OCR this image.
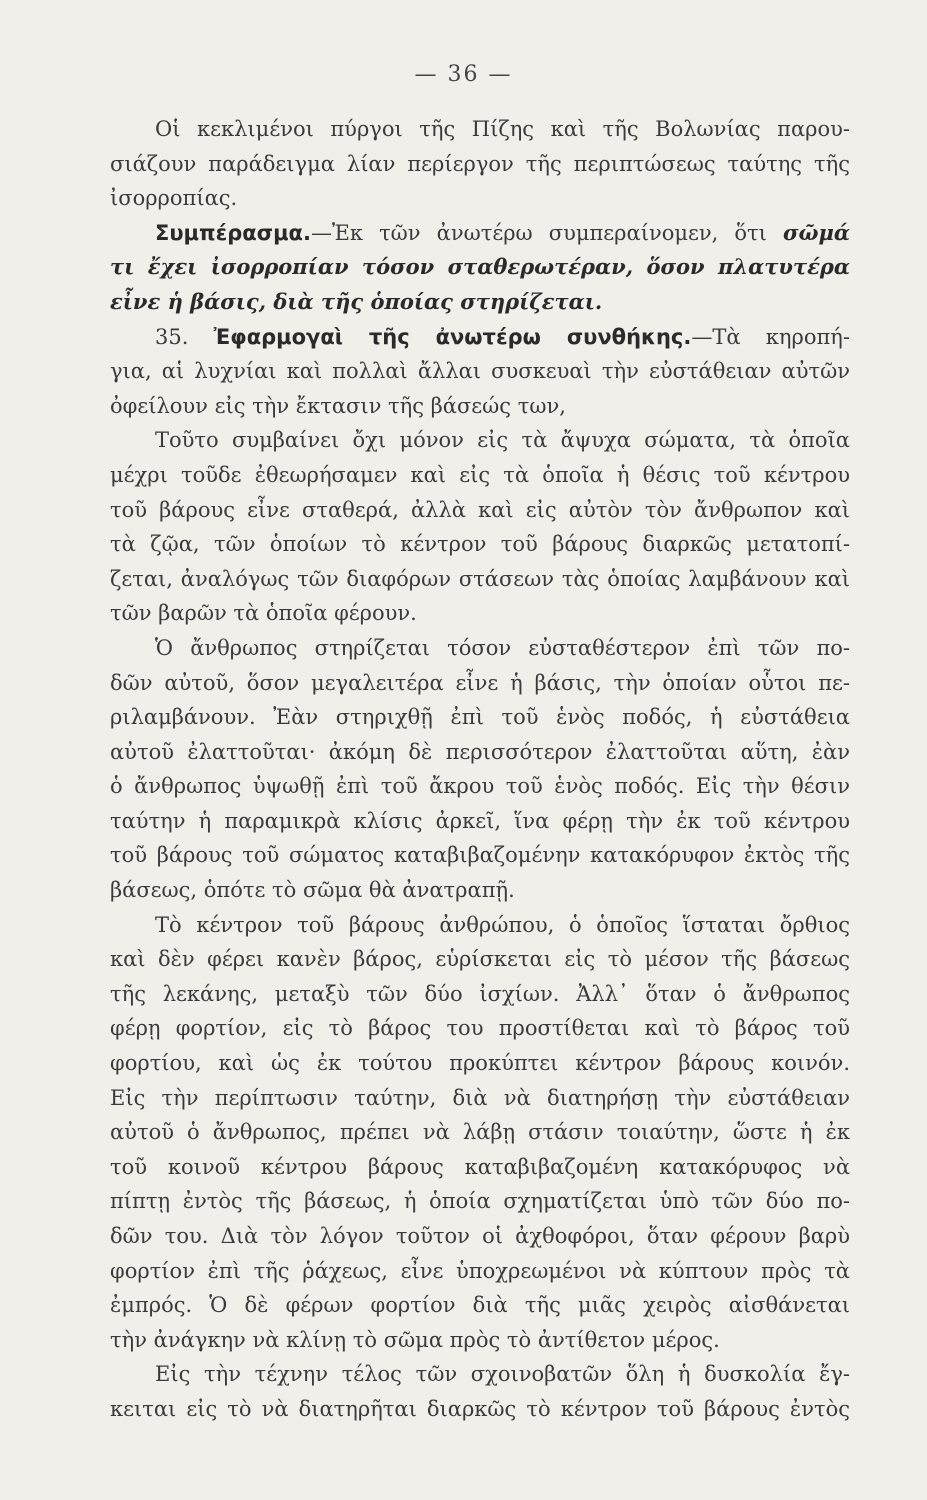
— 36 —
Οἱ κεκλιμένοι πύργοι τῆς Πίζης καὶ τῆς Βολωνίας παρου-
σιάζουν παράδειγμα λίαν περίεργον τῆς περιπτώσεως ταύτης τῆς
ἰσορροπίας.
Συμπέρασμα.—Ἐκ τῶν ἀνωτέρω συμπεραίνομεν, ὅτι σῶμά
τι ἔχει ἰσορροπίαν τόσον σταθερωτέραν, ὅσον πλατυτέρα
εἶνε ἡ βάσις, διὰ τῆς ὁποίας στηρίζεται.
35. Ἐφαρμογαὶ τῆς ἀνωτέρω συνθήκης.—Τὰ κηροπή-
για, αἱ λυχνίαι καὶ πολλαὶ ἄλλαι συσκευαὶ τὴν εὐστάθειαν αὐτῶν
ὀφείλουν εἰς τὴν ἔκτασιν τῆς βάσεώς των,
Τοῦτο συμβαίνει ὄχι μόνον εἰς τὰ ἄψυχα σώματα, τὰ ὁποῖα
μέχρι τοῦδε ἐθεωρήσαμεν καὶ εἰς τὰ ὁποῖα ἡ θέσις τοῦ κέντρου
τοῦ βάρους εἶνε σταθερά, ἀλλὰ καὶ εἰς αὐτὸν τὸν ἄνθρωπον καὶ
τὰ ζῷα, τῶν ὁποίων τὸ κέντρον τοῦ βάρους διαρκῶς μετατοπί-
ζεται, ἀναλόγως τῶν διαφόρων στάσεων τὰς ὁποίας λαμβάνουν καὶ
τῶν βαρῶν τὰ ὁποῖα φέρουν.
Ὁ ἄνθρωπος στηρίζεται τόσον εὐσταθέστερον ἐπὶ τῶν πο-
δῶν αὐτοῦ, ὅσον μεγαλειτέρα εἶνε ἡ βάσις, τὴν ὁποίαν οὗτοι πε-
ριλαμβάνουν. Ἐὰν στηριχθῇ ἐπὶ τοῦ ἑνὸς ποδός, ἡ εὐστάθεια
αὐτοῦ ἐλαττοῦται· ἀκόμη δὲ περισσότερον ἐλαττοῦται αὕτη, ἐὰν
ὁ ἄνθρωπος ὑψωθῇ ἐπὶ τοῦ ἄκρου τοῦ ἑνὸς ποδός. Εἰς τὴν θέσιν
ταύτην ἡ παραμικρὰ κλίσις ἀρκεῖ, ἵνα φέρῃ τὴν ἐκ τοῦ κέντρου
τοῦ βάρους τοῦ σώματος καταβιβαζομένην κατακόρυφον ἐκτὸς τῆς
βάσεως, ὁπότε τὸ σῶμα θὰ ἀνατραπῇ.
Τὸ κέντρον τοῦ βάρους ἀνθρώπου, ὁ ὁποῖος ἵσταται ὄρθιος
καὶ δὲν φέρει κανὲν βάρος, εὑρίσκεται εἰς τὸ μέσον τῆς βάσεως
τῆς λεκάνης, μεταξὺ τῶν δύο ἰσχίων. Ἀλλ᾽ ὅταν ὁ ἄνθρωπος
φέρῃ φορτίον, εἰς τὸ βάρος του προστίθεται καὶ τὸ βάρος τοῦ
φορτίου, καὶ ὡς ἐκ τούτου προκύπτει κέντρον βάρους κοινόν.
Εἰς τὴν περίπτωσιν ταύτην, διὰ νὰ διατηρήσῃ τὴν εὐστάθειαν
αὐτοῦ ὁ ἄνθρωπος, πρέπει νὰ λάβῃ στάσιν τοιαύτην, ὥστε ἡ ἐκ
τοῦ κοινοῦ κέντρου βάρους καταβιβαζομένη κατακόρυφος νὰ
πίπτῃ ἐντὸς τῆς βάσεως, ἡ ὁποία σχηματίζεται ὑπὸ τῶν δύο πο-
δῶν του. Διὰ τὸν λόγον τοῦτον οἱ ἀχθοφόροι, ὅταν φέρουν βαρὺ
φορτίον ἐπὶ τῆς ῥάχεως, εἶνε ὑποχρεωμένοι νὰ κύπτουν πρὸς τὰ
ἐμπρός. Ὁ δὲ φέρων φορτίον διὰ τῆς μιᾶς χειρὸς αἰσθάνεται
τὴν ἀνάγκην νὰ κλίνῃ τὸ σῶμα πρὸς τὸ ἀντίθετον μέρος.
Εἰς τὴν τέχνην τέλος τῶν σχοινοβατῶν ὅλη ἡ δυσκολία ἔγ-
κειται εἰς τὸ νὰ διατηρῆται διαρκῶς τὸ κέντρον τοῦ βάρους ἐντὸς
